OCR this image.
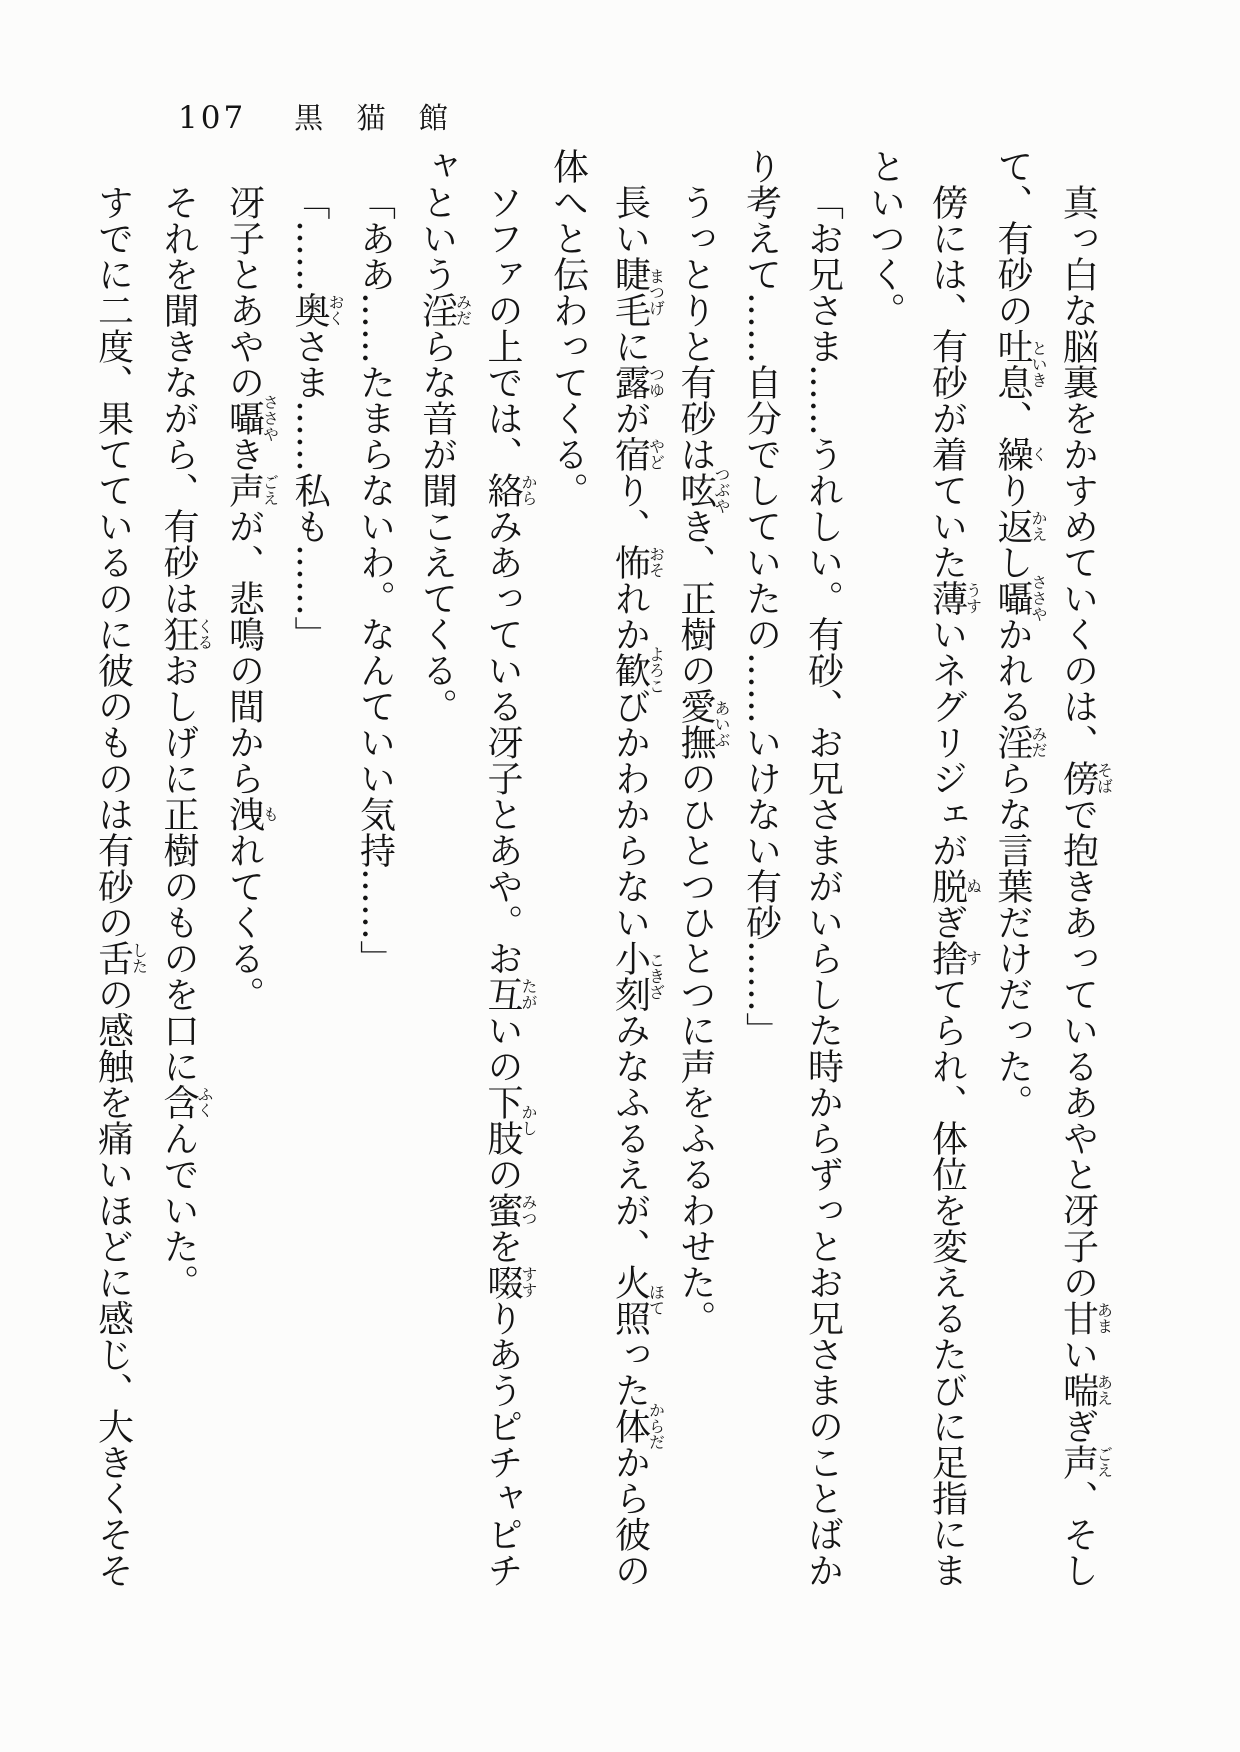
107 黒猫館

真っ白な脳裏をかすめていくのは、傍そばで抱きあっているあやと冴子の甘あまい喘あえぎ声ごえ、そし
て、有砂の吐息といき、繰くり返かえし囁ささやかれる淫みだらな言葉だけだった。

傍には、有砂が着ていた薄うすいネグリジェが脱ぬぎ捨すてられ、体位を変えるたびに足指にま
といつく。

「お兄さま……うれしい。有砂、お兄さまがいらした時からずっとお兄さまのことばか
り考えて……自分でしていたの……いけない有砂……」

うっとりと有砂は呟つぶやき、正樹の愛撫あいぶのひとつひとつに声をふるわせた。

長い睫毛まつげに露つゆが宿やどり、怖おそれか歓よろこびかわからない小刻こきざみなふるえが、火照ほてった体からだから彼の
体へと伝わってくる。

ソファの上では、絡からみあっている冴子とあや。お互たがいの下肢かしの蜜みつを啜すすりあうピチャピチ
ャという淫みだらな音が聞こえてくる。

「ああ……たまらないわ。なんていい気持……」

「……奥おくさま……私も……」

冴子とあやの囁ささやき声ごえが、悲鳴の間から洩もれてくる。

それを聞きながら、有砂は狂くるおしげに正樹のものを口に含ふくんでいた。

すでに二度、果てているのに彼のものは有砂の舌したの感触を痛いほどに感じ、大きくそそ
